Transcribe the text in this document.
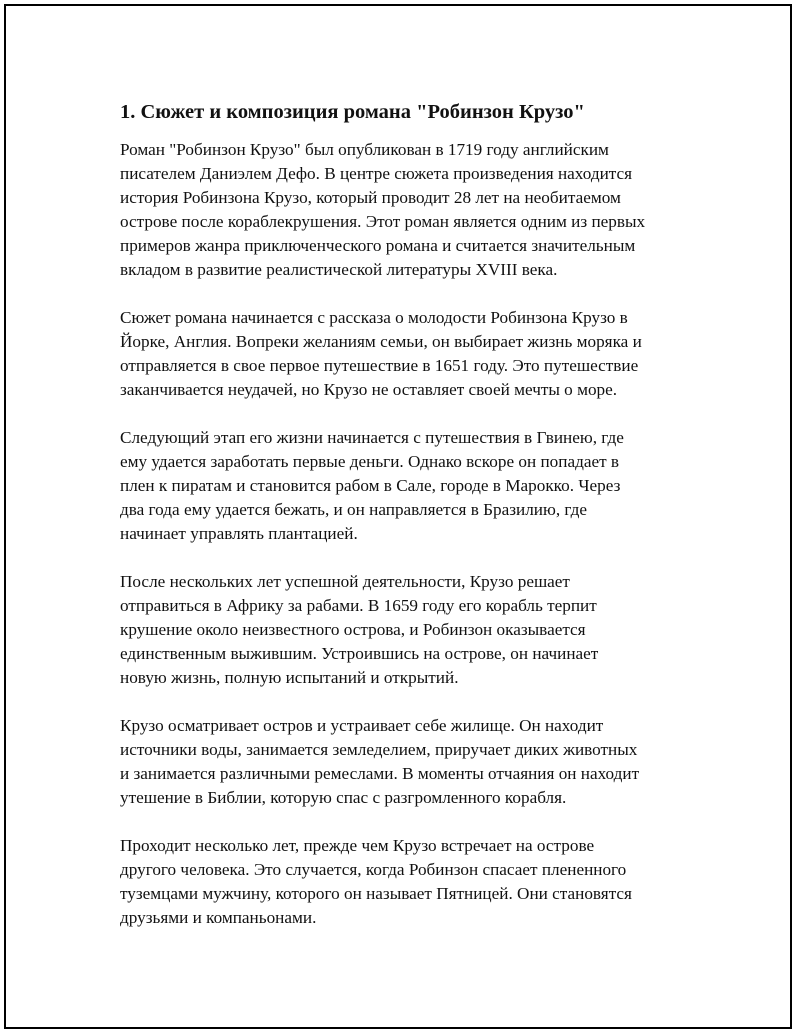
1. Сюжет и композиция романа "Робинзон Крузо"

Роман "Робинзон Крузо" был опубликован в 1719 году английским
писателем Даниэлем Дефо. В центре сюжета произведения находится
история Робинзона Крузо, который проводит 28 лет на необитаемом
острове после кораблекрушения. Этот роман является одним из первых
примеров жанра приключенческого романа и считается значительным
вкладом в развитие реалистической литературы XVIII века.

Сюжет романа начинается с рассказа о молодости Робинзона Крузо в
Йорке, Англия. Вопреки желаниям семьи, он выбирает жизнь моряка и
отправляется в свое первое путешествие в 1651 году. Это путешествие
заканчивается неудачей, но Крузо не оставляет своей мечты о море.

Следующий этап его жизни начинается с путешествия в Гвинею, где
ему удается заработать первые деньги. Однако вскоре он попадает в
плен к пиратам и становится рабом в Сале, городе в Марокко. Через
два года ему удается бежать, и он направляется в Бразилию, где
начинает управлять плантацией.

После нескольких лет успешной деятельности, Крузо решает
отправиться в Африку за рабами. В 1659 году его корабль терпит
крушение около неизвестного острова, и Робинзон оказывается
единственным выжившим. Устроившись на острове, он начинает
новую жизнь, полную испытаний и открытий.

Крузо осматривает остров и устраивает себе жилище. Он находит
источники воды, занимается земледелием, приручает диких животных
и занимается различными ремеслами. В моменты отчаяния он находит
утешение в Библии, которую спас с разгромленного корабля.

Проходит несколько лет, прежде чем Крузо встречает на острове
другого человека. Это случается, когда Робинзон спасает плененного
туземцами мужчину, которого он называет Пятницей. Они становятся
друзьями и компаньонами.
